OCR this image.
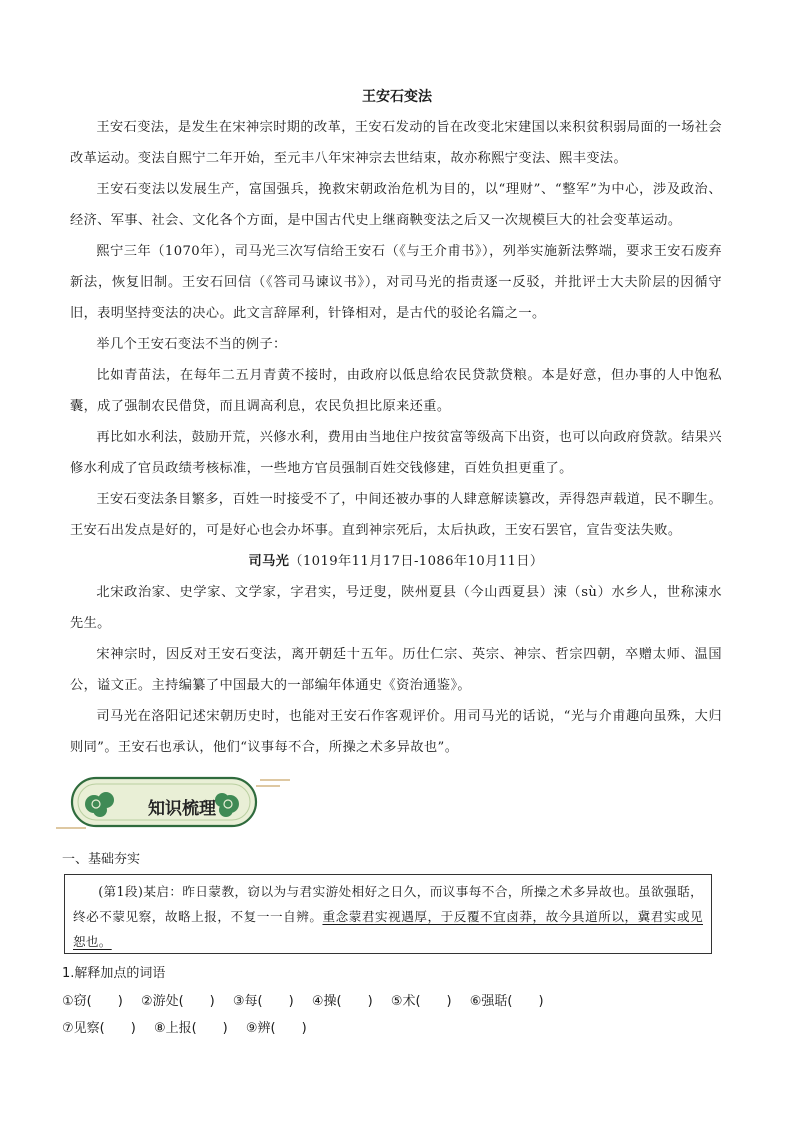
王安石变法

王安石变法，是发生在宋神宗时期的改革，王安石发动的旨在改变北宋建国以来积贫积弱局面的一场社会改革运动。变法自熙宁二年开始，至元丰八年宋神宗去世结束，故亦称熙宁变法、熙丰变法。

王安石变法以发展生产，富国强兵，挽救宋朝政治危机为目的，以“理财”、“整军”为中心，涉及政治、经济、军事、社会、文化各个方面，是中国古代史上继商鞅变法之后又一次规模巨大的社会变革运动。

熙宁三年（1070年），司马光三次写信给王安石（《与王介甫书》），列举实施新法弊端，要求王安石废弃新法，恢复旧制。王安石回信（《答司马谏议书》），对司马光的指责逐一反驳，并批评士大夫阶层的因循守旧，表明坚持变法的决心。此文言辞犀利，针锋相对，是古代的驳论名篇之一。

举几个王安石变法不当的例子：

比如青苗法，在每年二五月青黄不接时，由政府以低息给农民贷款贷粮。本是好意，但办事的人中饱私囊，成了强制农民借贷，而且调高利息，农民负担比原来还重。

再比如水利法，鼓励开荒，兴修水利，费用由当地住户按贫富等级高下出资，也可以向政府贷款。结果兴修水利成了官员政绩考核标准，一些地方官员强制百姓交钱修建，百姓负担更重了。

王安石变法条目繁多，百姓一时接受不了，中间还被办事的人肆意解读篡改，弄得怨声载道，民不聊生。王安石出发点是好的，可是好心也会办坏事。直到神宗死后，太后执政，王安石罢官，宣告变法失败。

司马光（1019年11月17日-1086年10月11日）

北宋政治家、史学家、文学家，字君实，号迂叟，陕州夏县（今山西夏县）涑（sù）水乡人，世称涑水先生。

宋神宗时，因反对王安石变法，离开朝廷十五年。历仕仁宗、英宗、神宗、哲宗四朝，卒赠太师、温国公，谥文正。主持编纂了中国最大的一部编年体通史《资治通鉴》。

司马光在洛阳记述宋朝历史时，也能对王安石作客观评价。用司马光的话说，“光与介甫趣向虽殊，大归则同”。王安石也承认，他们“议事每不合，所操之术多异故也”。

知识梳理
一、基础夯实

(第1段)某启：昨日蒙教，窃以为与君实游处相好之日久，而议事每不合，所操之术多异故也。虽欲强聒，终必不蒙见察，故略上报，不复一一自辨。重念蒙君实视遇厚，于反覆不宜卤莽，故今具道所以，冀君实或见恕也。

1.解释加点的词语
①窃(　　) ②游处(　　) ③每(　　) ④操(　　) ⑤术(　　) ⑥强聒(　　)
⑦见察(　　) ⑧上报(　　) ⑨辨(　　)
